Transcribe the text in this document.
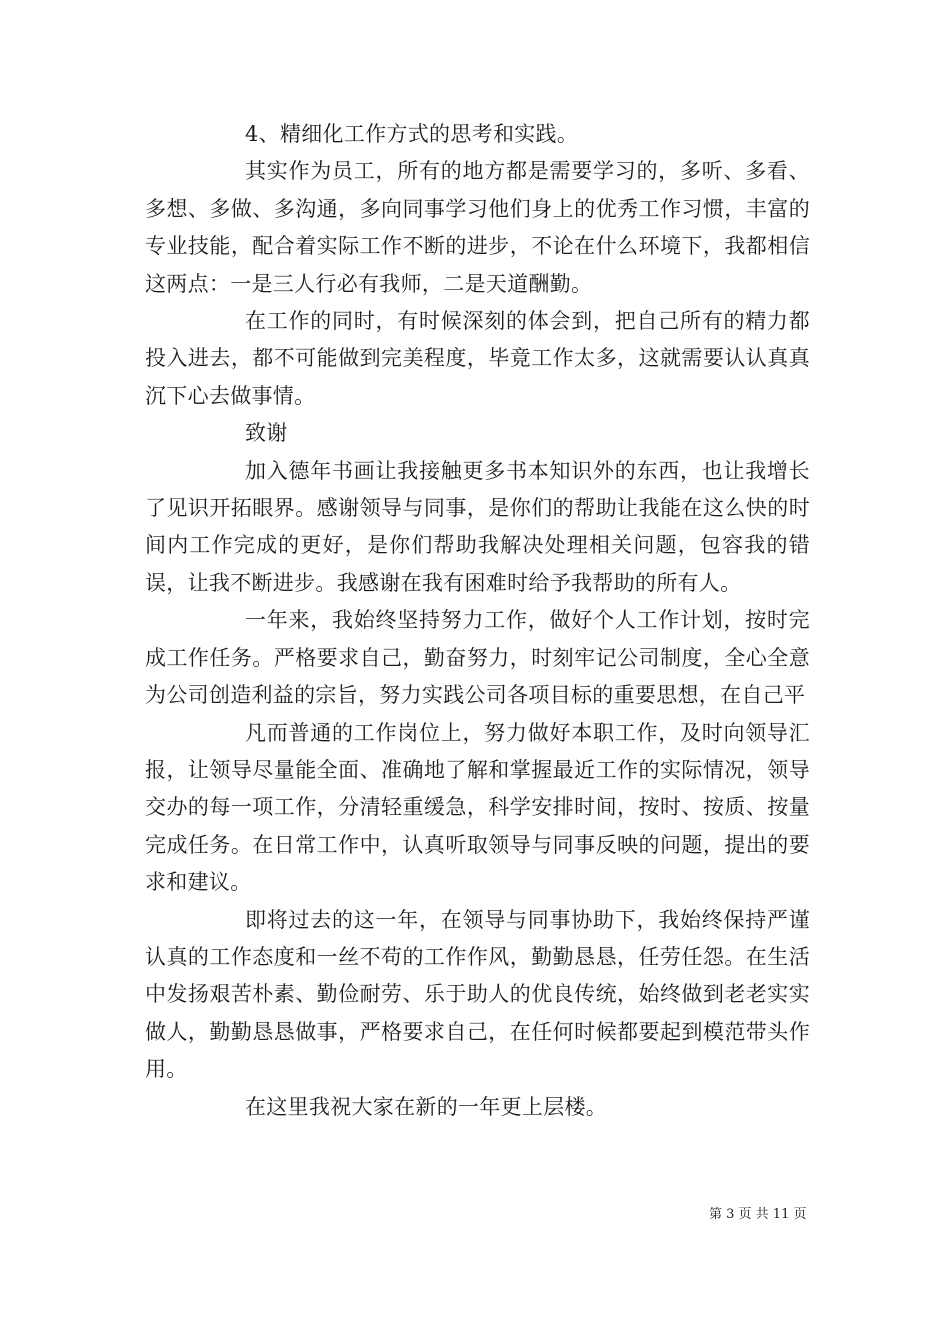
4、精细化工作方式的思考和实践。

其实作为员工，所有的地方都是需要学习的，多听、多看、多想、多做、多沟通，多向同事学习他们身上的优秀工作习惯，丰富的专业技能，配合着实际工作不断的进步，不论在什么环境下，我都相信这两点：一是三人行必有我师，二是天道酬勤。

在工作的同时，有时候深刻的体会到，把自己所有的精力都投入进去，都不可能做到完美程度，毕竟工作太多，这就需要认认真真沉下心去做事情。

致谢

加入德年书画让我接触更多书本知识外的东西，也让我增长了见识开拓眼界。感谢领导与同事，是你们的帮助让我能在这么快的时间内工作完成的更好，是你们帮助我解决处理相关问题，包容我的错误，让我不断进步。我感谢在我有困难时给予我帮助的所有人。

一年来，我始终坚持努力工作，做好个人工作计划，按时完成工作任务。严格要求自己，勤奋努力，时刻牢记公司制度，全心全意为公司创造利益的宗旨，努力实践公司各项目标的重要思想，在自己平

凡而普通的工作岗位上，努力做好本职工作，及时向领导汇报，让领导尽量能全面、准确地了解和掌握最近工作的实际情况，领导交办的每一项工作，分清轻重缓急，科学安排时间，按时、按质、按量完成任务。在日常工作中，认真听取领导与同事反映的问题，提出的要求和建议。

即将过去的这一年，在领导与同事协助下，我始终保持严谨认真的工作态度和一丝不苟的工作作风，勤勤恳恳，任劳任怨。在生活中发扬艰苦朴素、勤俭耐劳、乐于助人的优良传统，始终做到老老实实做人，勤勤恳恳做事，严格要求自己，在任何时候都要起到模范带头作用。

在这里我祝大家在新的一年更上层楼。

第 3 页 共 11 页
